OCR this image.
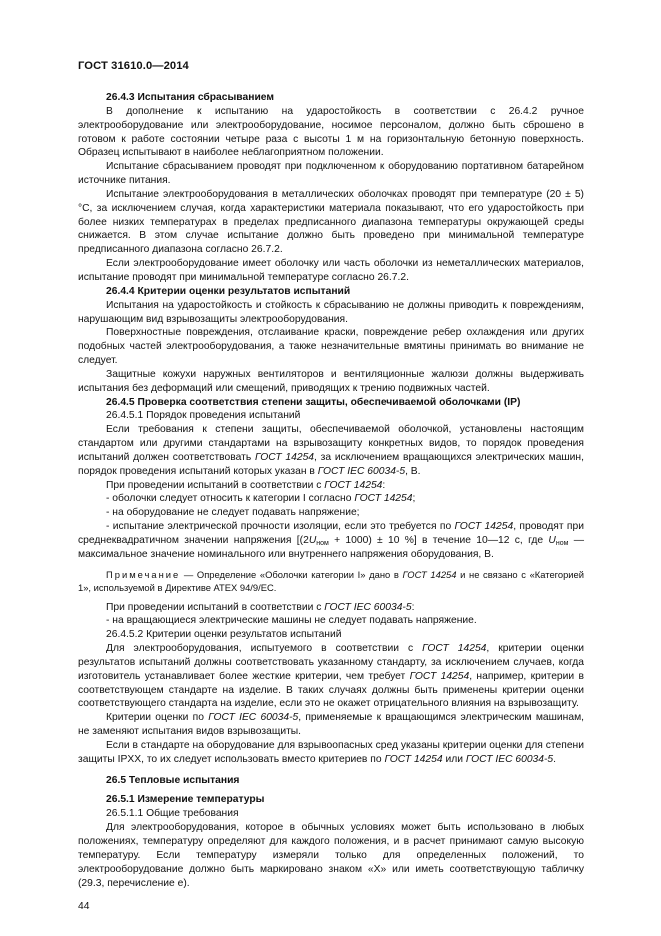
ГОСТ 31610.0—2014

26.4.3 Испытания сбрасыванием

В дополнение к испытанию на ударостойкость в соответствии с 26.4.2 ручное электрооборудование или электрооборудование, носимое персоналом, должно быть сброшено в готовом к работе состоянии четыре раза с высоты 1 м на горизонтальную бетонную поверхность. Образец испытывают в наиболее неблагоприятном положении.

Испытание сбрасыванием проводят при подключенном к оборудованию портативном батарейном источнике питания.

Испытание электрооборудования в металлических оболочках проводят при температуре (20 ± 5) °С, за исключением случая, когда характеристики материала показывают, что его ударостойкость при более низких температурах в пределах предписанного диапазона температуры окружающей среды снижается. В этом случае испытание должно быть проведено при минимальной температуре предписанного диапазона согласно 26.7.2.

Если электрооборудование имеет оболочку или часть оболочки из неметаллических материалов, испытание проводят при минимальной температуре согласно 26.7.2.

26.4.4 Критерии оценки результатов испытаний

Испытания на ударостойкость и стойкость к сбрасыванию не должны приводить к повреждениям, нарушающим вид взрывозащиты электрооборудования.

Поверхностные повреждения, отслаивание краски, повреждение ребер охлаждения или других подобных частей электрооборудования, а также незначительные вмятины принимать во внимание не следует.

Защитные кожухи наружных вентиляторов и вентиляционные жалюзи должны выдерживать испытания без деформаций или смещений, приводящих к трению подвижных частей.

26.4.5 Проверка соответствия степени защиты, обеспечиваемой оболочками (IP)

26.4.5.1 Порядок проведения испытаний

Если требования к степени защиты, обеспечиваемой оболочкой, установлены настоящим стандартом или другими стандартами на взрывозащиту конкретных видов, то порядок проведения испытаний должен соответствовать ГОСТ 14254, за исключением вращающихся электрических машин, порядок проведения испытаний которых указан в ГОСТ IEC 60034-5, В.

При проведении испытаний в соответствии с ГОСТ 14254:

- оболочки следует относить к категории I согласно ГОСТ 14254;

- на оборудование не следует подавать напряжение;

- испытание электрической прочности изоляции, если это требуется по ГОСТ 14254, проводят при среднеквадратичном значении напряжения [$(2U_{ном} + 1000) \pm 10$ %] в течение 10—12 с, где $U_{ном}$ — максимальное значение номинального или внутреннего напряжения оборудования, В.

Примечание — Определение «Оболочки категории I» дано в ГОСТ 14254 и не связано с «Категорией 1», используемой в Директиве АТЕХ 94/9/ЕС.

При проведении испытаний в соответствии с ГОСТ IEC 60034-5:

- на вращающиеся электрические машины не следует подавать напряжение.

26.4.5.2 Критерии оценки результатов испытаний

Для электрооборудования, испытуемого в соответствии с ГОСТ 14254, критерии оценки результатов испытаний должны соответствовать указанному стандарту, за исключением случаев, когда изготовитель устанавливает более жесткие критерии, чем требует ГОСТ 14254, например, критерии в соответствующем стандарте на изделие. В таких случаях должны быть применены критерии оценки соответствующего стандарта на изделие, если это не окажет отрицательного влияния на взрывозащиту.

Критерии оценки по ГОСТ IEC 60034-5, применяемые к вращающимся электрическим машинам, не заменяют испытания видов взрывозащиты.

Если в стандарте на оборудование для взрывоопасных сред указаны критерии оценки для степени защиты IPXX, то их следует использовать вместо критериев по ГОСТ 14254 или ГОСТ IEC 60034-5.

26.5 Тепловые испытания

26.5.1 Измерение температуры

26.5.1.1 Общие требования

Для электрооборудования, которое в обычных условиях может быть использовано в любых положениях, температуру определяют для каждого положения, и в расчет принимают самую высокую температуру. Если температуру измеряли только для определенных положений, то электрооборудование должно быть маркировано знаком «X» или иметь соответствующую табличку (29.3, перечисление е).

44
